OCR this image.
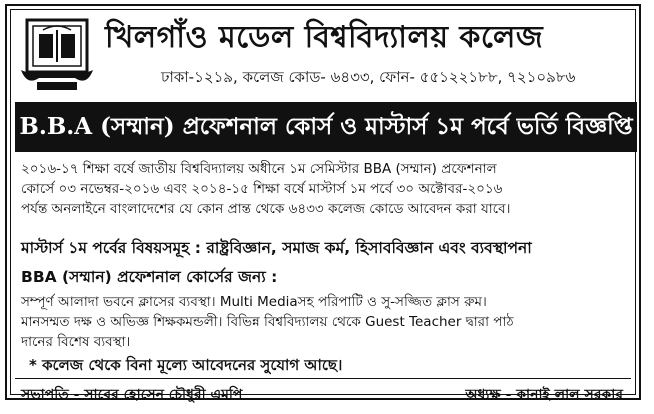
খিলগাঁও মডেল বিশ্ববিদ্যালয় কলেজ
ঢাকা-১২১৯, কলেজ কোড- ৬৪৩৩, ফোন- ৫৫১২২১৮৮, ৭২১০৯৮৬
B.B.A (সম্মান) প্রফেশনাল কোর্স ও মাস্টার্স ১ম পর্বে ভর্তি বিজ্ঞপ্তি
২০১৬-১৭ শিক্ষা বর্ষে জাতীয় বিশ্ববিদ্যালয় অধীনে ১ম সেমিস্টার BBA (সম্মান) প্রফেশনাল
কোর্সে ০৩ নভেম্বর-২০১৬ এবং ২০১৪-১৫ শিক্ষা বর্ষে মাস্টার্স ১ম পর্বে ৩০ অক্টোবর-২০১৬
পর্যন্ত অনলাইনে বাংলাদেশের যে কোন প্রান্ত থেকে ৬৪৩৩ কলেজ কোডে আবেদন করা যাবে।
মাস্টার্স ১ম পর্বের বিষয়সমূহ : রাষ্ট্রবিজ্ঞান, সমাজ কর্ম, হিসাববিজ্ঞান এবং ব্যবস্থাপনা
BBA (সম্মান) প্রফেশনাল কোর্সের জন্য :
সম্পূর্ণ আলাদা ভবনে ক্লাসের ব্যবস্থা। Multi Mediaসহ পরিপাটি ও সু-সজ্জিত ক্লাস রুম।
মানসম্মত দক্ষ ও অভিজ্ঞ শিক্ষকমন্ডলী। বিভিন্ন বিশ্ববিদ্যালয় থেকে Guest Teacher দ্বারা পাঠ
দানের বিশেষ ব্যবস্থা।
* কলেজ থেকে বিনা মূল্যে আবেদনের সুযোগ আছে।
সভাপতি - সাবের হোসেন চৌধুরী এমপি	অধ্যক্ষ - কানাই লাল সরকার
